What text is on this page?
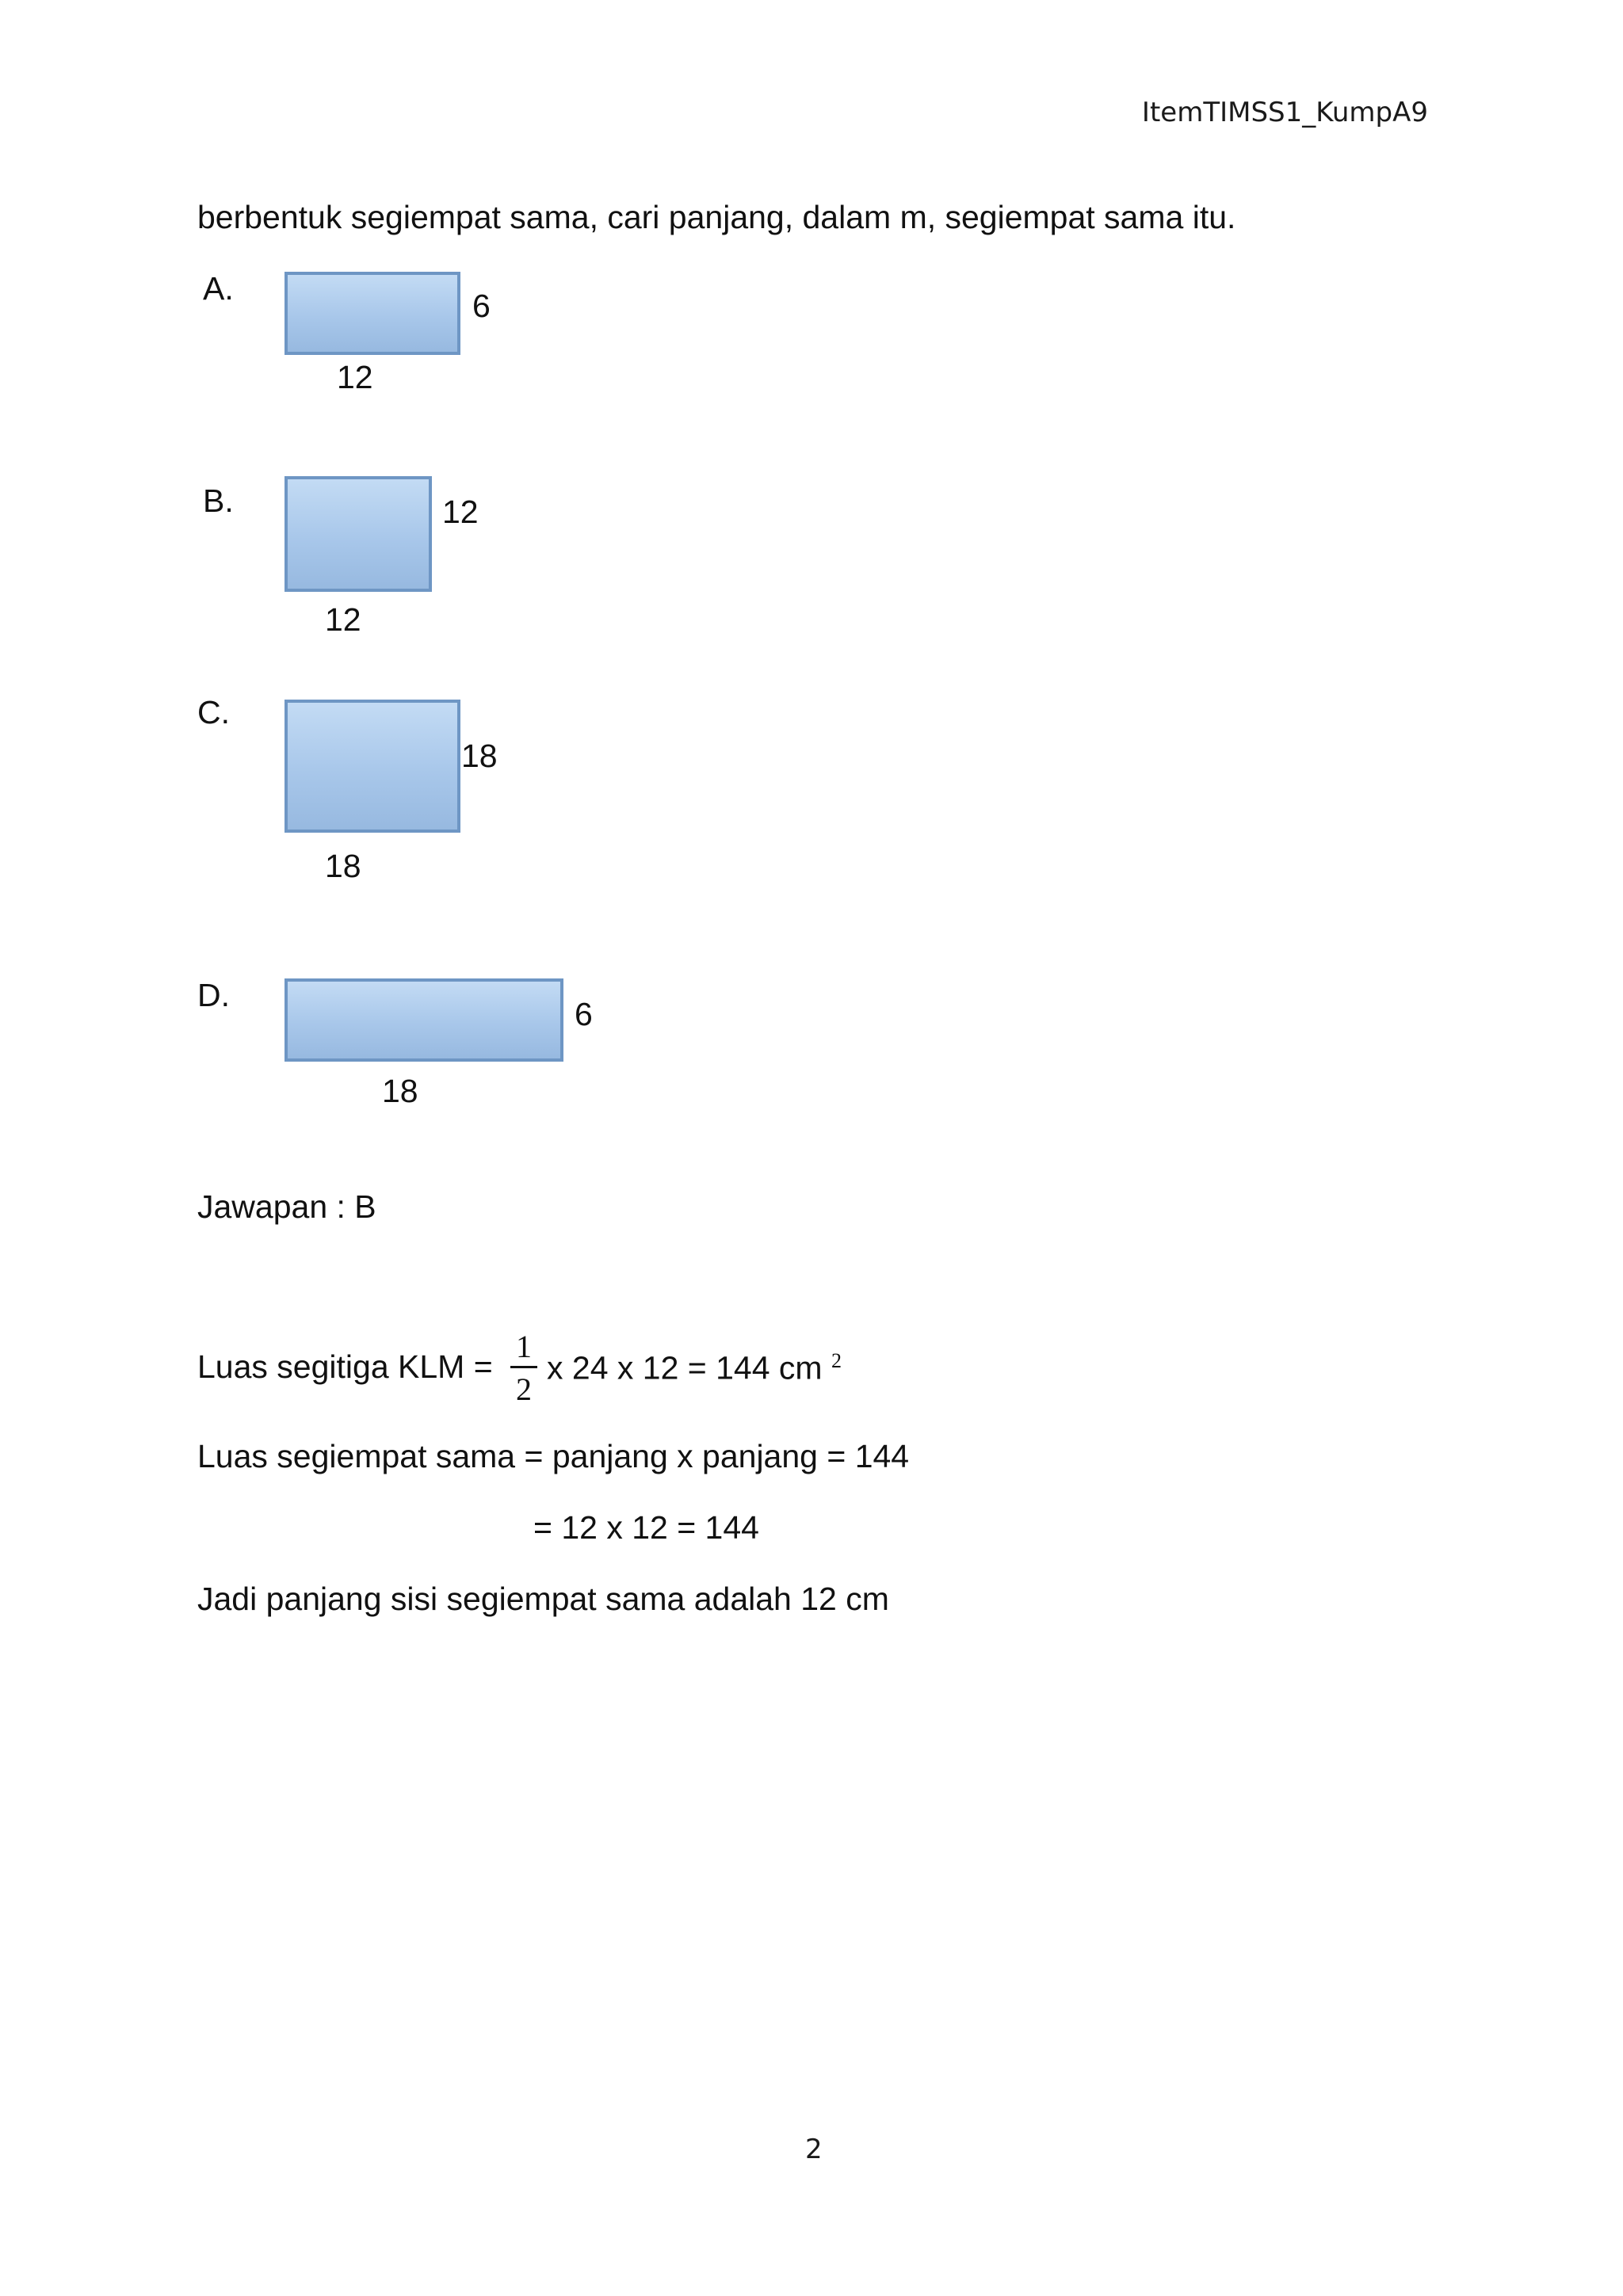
ItemTIMSS1_KumpA9
berbentuk segiempat sama, cari panjang, dalam m, segiempat sama itu.
A.	6
12
B.	12
12
C.
18
18
D.
6
18
Jawapan : B
Luas segitiga KLM =
1
2
x 24 x 12 = 144 cm $^2$
Luas segiempat sama = panjang x panjang = 144
= 12 x 12 = 144
Jadi panjang sisi segiempat sama adalah 12 cm
2
